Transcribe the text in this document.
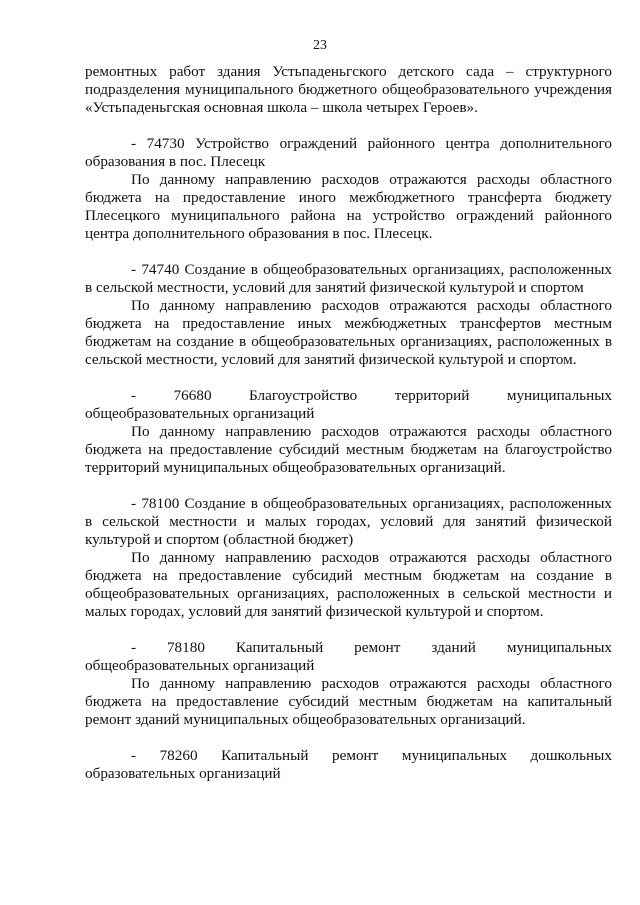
23

ремонтных работ здания Устьпаденьгского детского сада – структурного подразделения муниципального бюджетного общеобразовательного учреждения «Устьпаденьгская основная школа – школа четырех Героев».

- 74730 Устройство ограждений районного центра дополнительного образования в пос. Плесецк

По данному направлению расходов отражаются расходы областного бюджета на предоставление иного межбюджетного трансферта бюджету Плесецкого муниципального района на устройство ограждений районного центра дополнительного образования в пос. Плесецк.

- 74740 Создание в общеобразовательных организациях, расположенных в сельской местности, условий для занятий физической культурой и спортом

По данному направлению расходов отражаются расходы областного бюджета на предоставление иных межбюджетных трансфертов местным бюджетам на создание в общеобразовательных организациях, расположенных в сельской местности, условий для занятий физической культурой и спортом.

- 76680 Благоустройство территорий муниципальных общеобразовательных организаций

По данному направлению расходов отражаются расходы областного бюджета на предоставление субсидий местным бюджетам на благоустройство территорий муниципальных общеобразовательных организаций.

- 78100 Создание в общеобразовательных организациях, расположенных в сельской местности и малых городах, условий для занятий физической культурой и спортом (областной бюджет)

По данному направлению расходов отражаются расходы областного бюджета на предоставление субсидий местным бюджетам на создание в общеобразовательных организациях, расположенных в сельской местности и малых городах, условий для занятий физической культурой и спортом.

- 78180 Капитальный ремонт зданий муниципальных общеобразовательных организаций

По данному направлению расходов отражаются расходы областного бюджета на предоставление субсидий местным бюджетам на капитальный ремонт зданий муниципальных общеобразовательных организаций.

- 78260 Капитальный ремонт муниципальных дошкольных образовательных организаций
